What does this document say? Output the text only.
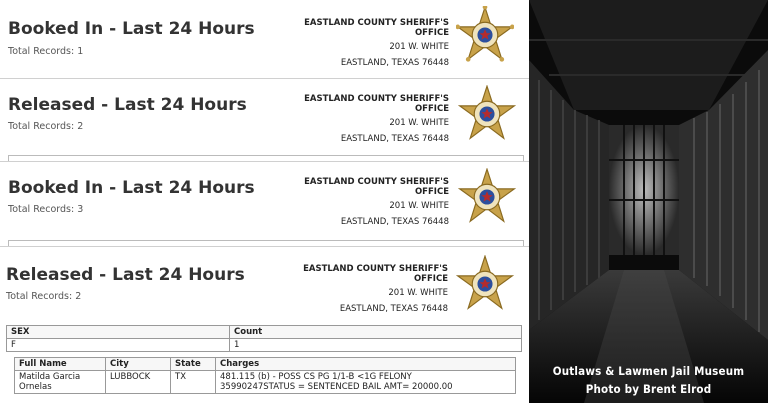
Booked In - Last 24 Hours
Total Records: 1
EASTLAND COUNTY SHERIFF'S
OFFICE
201 W. WHITE
EASTLAND, TEXAS 76448
Released - Last 24 Hours
Total Records: 2
EASTLAND COUNTY SHERIFF'S
OFFICE
201 W. WHITE
EASTLAND, TEXAS 76448
Booked In - Last 24 Hours
Total Records: 3
EASTLAND COUNTY SHERIFF'S
OFFICE
201 W. WHITE
EASTLAND, TEXAS 76448
Released - Last 24 Hours
Total Records: 2
EASTLAND COUNTY SHERIFF'S
OFFICE
201 W. WHITE
EASTLAND, TEXAS 76448
SEX	Count
F	1
Full Name	City	State	Charges
Matilda Garcia
Ornelas	LUBBOCK	TX	481.115 (b) - POSS CS PG 1/1-B <1G FELONY
35990247STATUS = SENTENCED BAIL AMT= 20000.00
Outlaws & Lawmen Jail Museum
Photo by Brent Elrod
